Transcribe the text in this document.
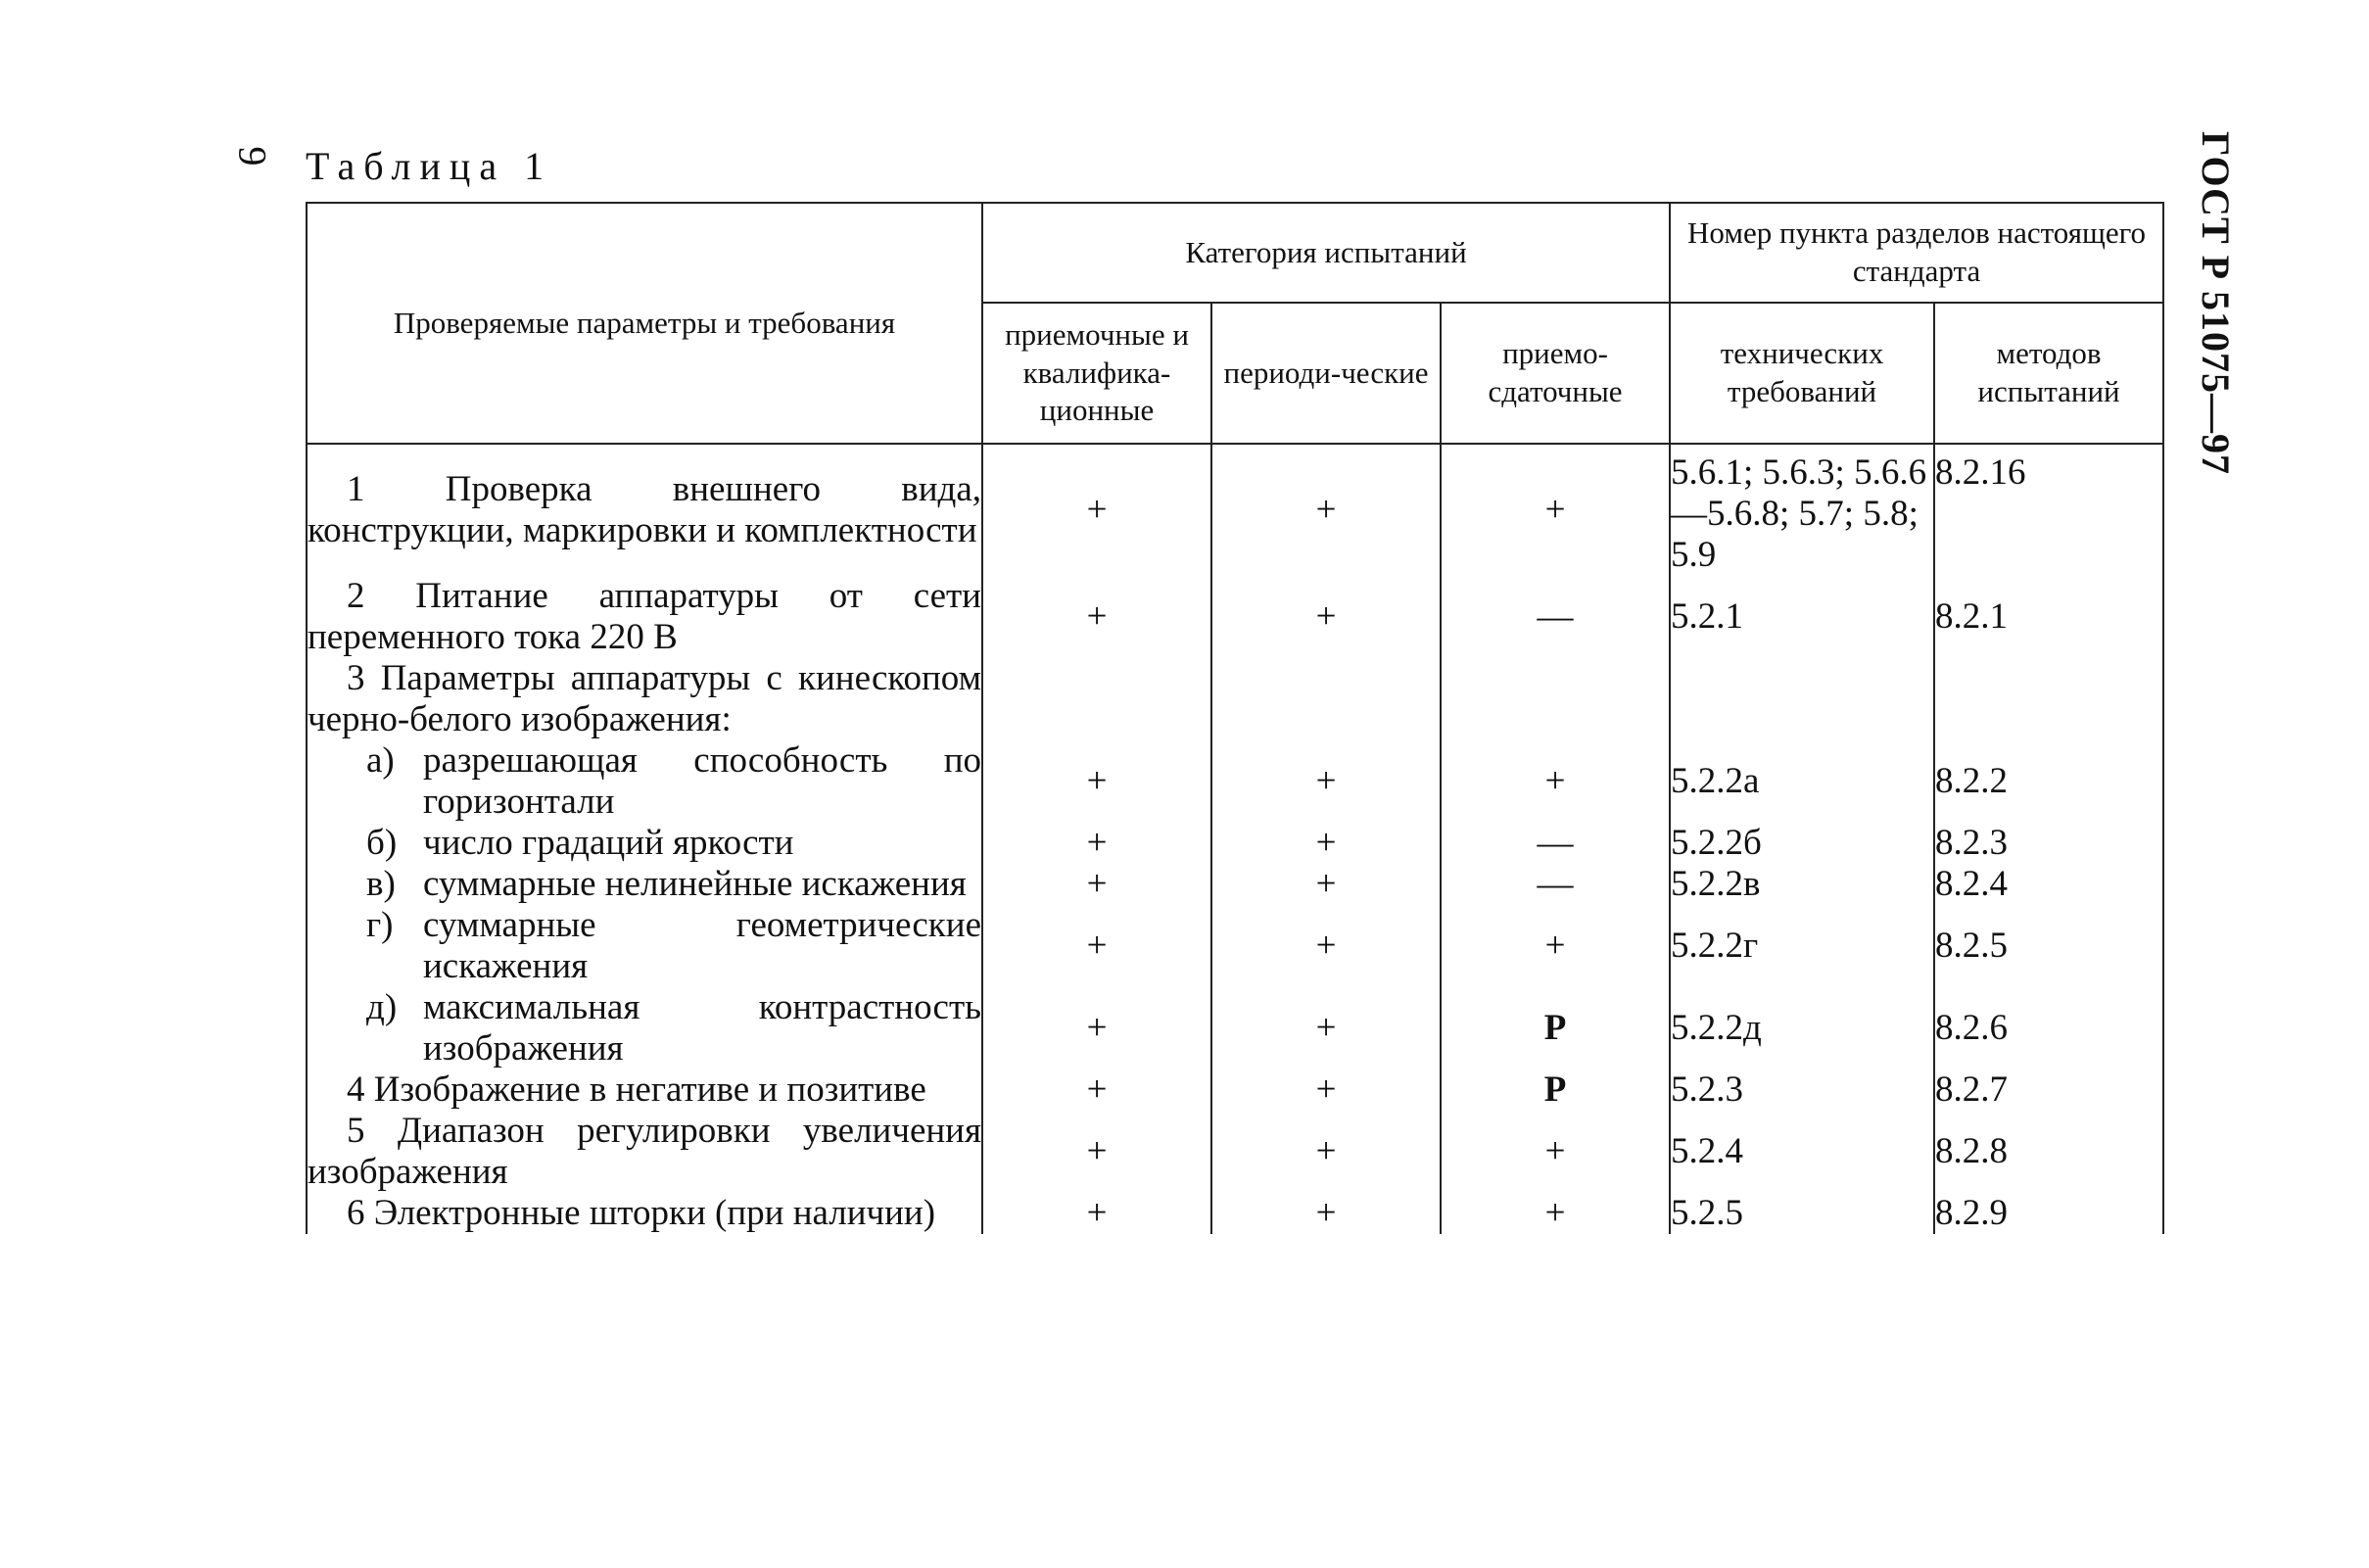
9 Таблица 1	ГОСТ Р 51075—97
Проверяемые параметры и требования	Категория испытаний			Номер пункта разделов настоящего стандарта	
	приемочные и квалифика-ционные	периоди-ческие	приемо-сдаточные	технических требований	методов испытаний
1 Проверка внешнего вида, конструкции, маркировки и комплектности	+	+	+	5.6.1; 5.6.3; 5.6.6—5.6.8; 5.7; 5.8; 5.9	8.2.16
2 Питание аппаратуры от сети переменного тока 220 В	+	+	—	5.2.1	8.2.1
3 Параметры аппаратуры с кинескопом черно-белого изображения:					

а) разрешающая способность по горизонтали	+	+	+	5.2.2а	8.2.2

б) число градаций яркости	+	+	—	5.2.2б	8.2.3

в) суммарные нелинейные искажения	+	+	—	5.2.2в	8.2.4

г) суммарные геометрические искажения	+	+	+	5.2.2г	8.2.5

д) максимальная контрастность изображения	+	+	Р	5.2.2д	8.2.6
4 Изображение в негативе и позитиве	+	+	Р	5.2.3	8.2.7
5 Диапазон регулировки увеличения изображения	+	+	+	5.2.4	8.2.8
6 Электронные шторки (при наличии)	+	+	+	5.2.5	8.2.9
